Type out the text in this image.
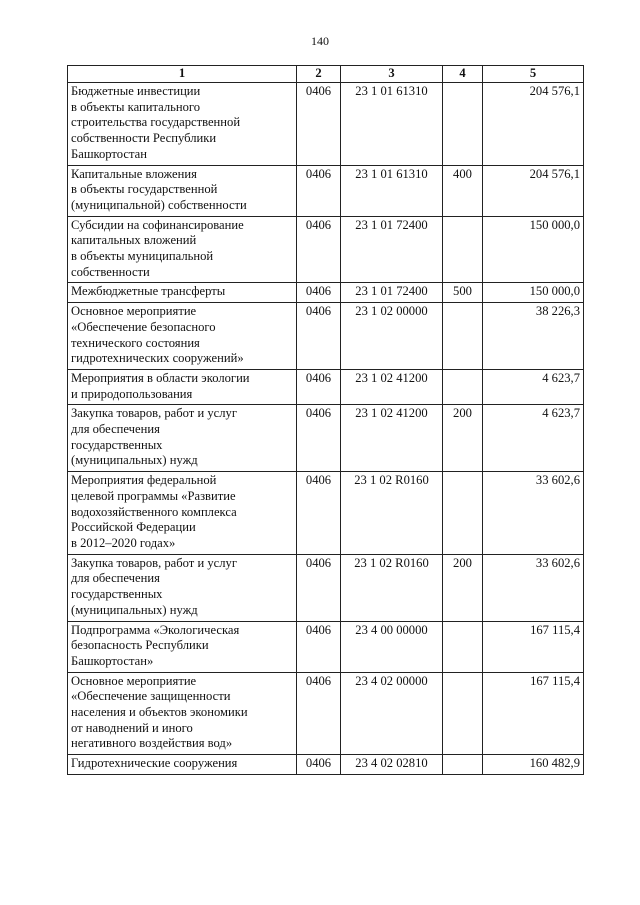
140
1	2	3	4	5

Бюджетные инвестиции
в объекты капитального
строительства государственной
собственности Республики
Башкортостан	0406	23 1 01 61310		204 576,1

Капитальные вложения
в объекты государственной
(муниципальной) собственности	0406	23 1 01 61310	400	204 576,1

Субсидии на софинансирование
капитальных вложений
в объекты муниципальной
собственности	0406	23 1 01 72400		150 000,0

Межбюджетные трансферты	0406	23 1 01 72400	500	150 000,0

Основное мероприятие
«Обеспечение безопасного
технического состояния
гидротехнических сооружений»	0406	23 1 02 00000		38 226,3

Мероприятия в области экологии
и природопользования	0406	23 1 02 41200		4 623,7

Закупка товаров, работ и услуг
для обеспечения
государственных
(муниципальных) нужд	0406	23 1 02 41200	200	4 623,7

Мероприятия федеральной
целевой программы «Развитие
водохозяйственного комплекса
Российской Федерации
в 2012–2020 годах»	0406	23 1 02 R0160		33 602,6

Закупка товаров, работ и услуг
для обеспечения
государственных
(муниципальных) нужд	0406	23 1 02 R0160	200	33 602,6

Подпрограмма «Экологическая
безопасность Республики
Башкортостан»	0406	23 4 00 00000		167 115,4

Основное мероприятие
«Обеспечение защищенности
населения и объектов экономики
от наводнений и иного
негативного воздействия вод»	0406	23 4 02 00000		167 115,4

Гидротехнические сооружения	0406	23 4 02 02810		160 482,9
